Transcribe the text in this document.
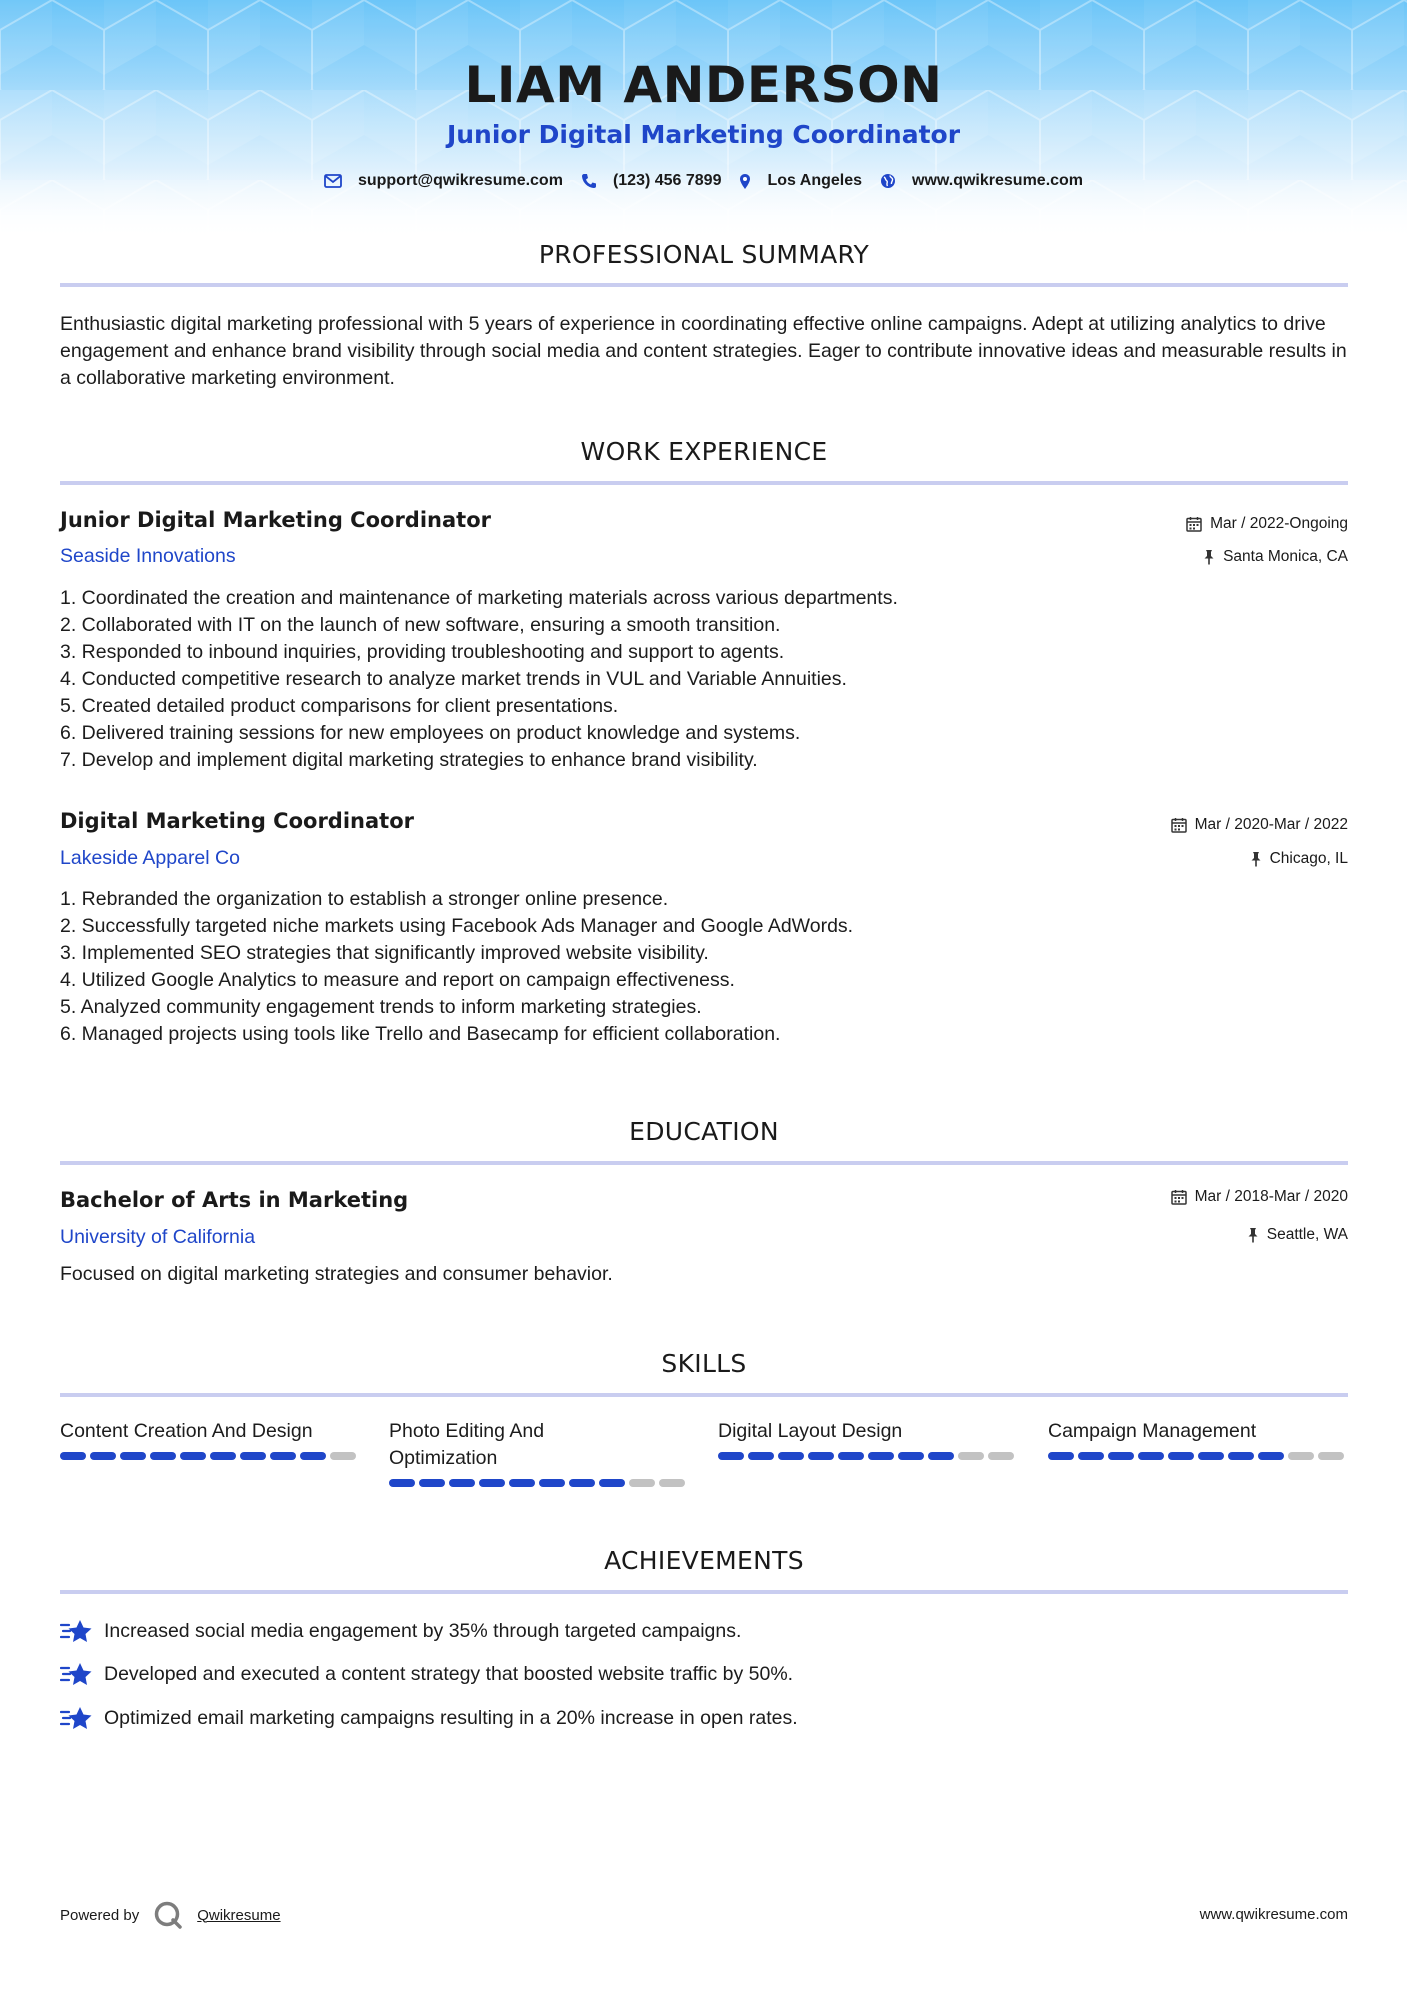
LIAM ANDERSON
Junior Digital Marketing Coordinator
support@qwikresume.com	(123) 456 7899	Los Angeles	www.qwikresume.com
PROFESSIONAL SUMMARY

Enthusiastic digital marketing professional with 5 years of experience in coordinating effective online campaigns. Adept at utilizing analytics to drive engagement and enhance brand visibility through social media and content strategies. Eager to contribute innovative ideas and measurable results in a collaborative marketing environment.

WORK EXPERIENCE
Junior Digital Marketing Coordinator
Seaside Innovations
Mar / 2022-Ongoing
Santa Monica, CA
1. Coordinated the creation and maintenance of marketing materials across various departments.
2. Collaborated with IT on the launch of new software, ensuring a smooth transition.
3. Responded to inbound inquiries, providing troubleshooting and support to agents.
4. Conducted competitive research to analyze market trends in VUL and Variable Annuities.
5. Created detailed product comparisons for client presentations.
6. Delivered training sessions for new employees on product knowledge and systems.
7. Develop and implement digital marketing strategies to enhance brand visibility.
Digital Marketing Coordinator
Lakeside Apparel Co
Mar / 2020-Mar / 2022
Chicago, IL
1. Rebranded the organization to establish a stronger online presence.
2. Successfully targeted niche markets using Facebook Ads Manager and Google AdWords.
3. Implemented SEO strategies that significantly improved website visibility.
4. Utilized Google Analytics to measure and report on campaign effectiveness.
5. Analyzed community engagement trends to inform marketing strategies.
6. Managed projects using tools like Trello and Basecamp for efficient collaboration.
EDUCATION
Bachelor of Arts in Marketing
University of California
Mar / 2018-Mar / 2020
Seattle, WA

Focused on digital marketing strategies and consumer behavior.

SKILLS

Content Creation And Design	Photo Editing And Optimization

Digital Layout Design	Campaign Management

ACHIEVEMENTS
Increased social media engagement by 35% through targeted campaigns.
Developed and executed a content strategy that boosted website traffic by 50%.
Optimized email marketing campaigns resulting in a 20% increase in open rates.
Powered by	Qwikresume	www.qwikresume.com
